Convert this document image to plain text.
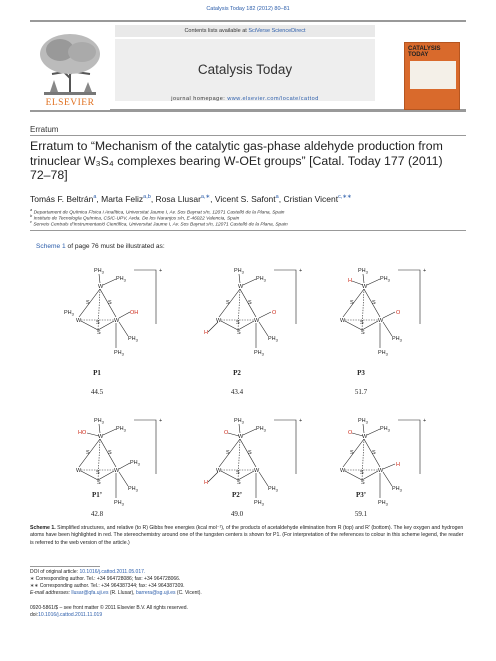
Catalysis Today 182 (2012) 80–81
ELSEVIER
Contents lists available at SciVerse ScienceDirect
Catalysis Today
journal homepage: www.elsevier.com/locate/cattod
CATALYSIS TODAY
Erratum
Erratum to “Mechanism of the catalytic gas-phase aldehyde production from trinuclear W₃S₄ complexes bearing W-OEt groups” [Catal. Today 177 (2011) 72–78]
Tomás F. Beltrán$^a$, Marta Feliz$^{a,b}$, Rosa Llusar$^{a,∗}$, Vicent S. Safont$^a$, Cristian Vicent$^{c,∗∗}$
$^a$ Departament de Química Física i Analítica, Universitat Jaume I, Av. Sos Baynat s/n, 12071 Castelló de la Plana, Spain
$^b$ Instituto de Tecnología Química, CSIC-UPV, Avda. De los Naranjos s/n, E-46022 Valencia, Spain
$^c$ Serveis Centrals d’Instrumentació Científica, Universitat Jaume I, Av. Sos Baynat s/n, 12071 Castelló de la Plana, Spain
Scheme 1 of page 76 must be illustrated as:
W
W	W
S	S
S
S
$PH_3$
$PH_3$
$PH_3$
$PH_3$
OH
$PH_3$
+
W
W	W
S	S
S
S
$PH_3$
$PH_3$
$PH_3$
$PH_3$
H
O
+
W
W	W
S	S
S
S
$PH_3$
$PH_3$
$PH_3$
$PH_3$
H
O
+
W
W	W
S	S
S
S
$PH_3$
$PH_3$
$PH_3$
$PH_3$
HO
$PH_3$
+
W
W	W
S	S
S
S
$PH_3$
$PH_3$
$PH_3$
$PH_3$
O
H
+
W
W	W
S	S
S
S
$PH_3$
$PH_3$
$PH_3$
$PH_3$
O
H
+
P1
44.5
P2
43.4
P3
51.7
P1’
42.8
P2’
49.0
P3’
59.1
Scheme 1. Simplified structures, and relative (to R) Gibbs free energies (kcal mol⁻¹), of the products of acetaldehyde elimination from R (top) and R′ (bottom). The key oxygen and hydrogen atoms have been highlighted in red. The stereochemistry around one of the tungsten centers is shown for P1. (For interpretation of the references to colour in this scheme legend, the reader is referred to the web version of the article.)
DOI of original article: 10.1016/j.cattod.2011.05.017.
∗ Corresponding author. Tel.: +34 964728086; fax: +34 964728066.
∗∗ Corresponding author. Tel.: +34 964387344; fax: +34 964387309.
E-mail addresses: llusar@qfa.uji.es (R. Llusar), barrera@sg.uji.es (C. Vicent).
0920-5861/$ – see front matter © 2011 Elsevier B.V. All rights reserved.
doi:10.1016/j.cattod.2011.11.019
